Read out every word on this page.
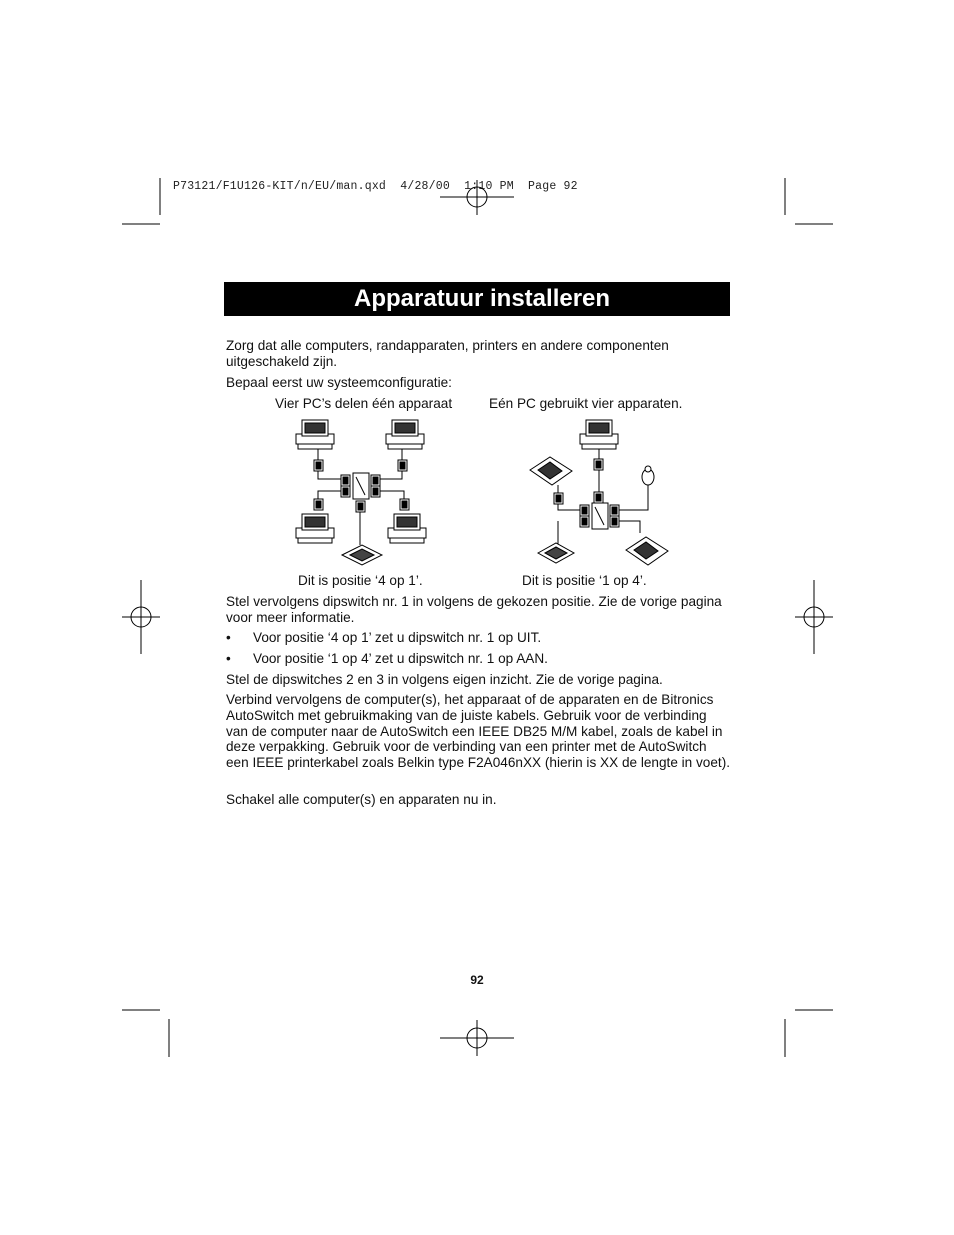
P73121/F1U126-KIT/n/EU/man.qxd  4/28/00  1:10 PM  Page 92
Apparatuur installeren
Zorg dat alle computers, randapparaten, printers en andere componenten uitgeschakeld zijn.
Bepaal eerst uw systeemconfiguratie:
Vier PC’s delen één apparaat	Eén PC gebruikt vier apparaten.
Dit is positie ‘4 op 1’.	Dit is positie ‘1 op 4’.
Stel vervolgens dipswitch nr. 1 in volgens de gekozen positie. Zie de vorige pagina voor meer informatie.
• Voor positie ‘4 op 1’ zet u dipswitch nr. 1 op UIT.
• Voor positie ‘1 op 4’ zet u dipswitch nr. 1 op AAN.
Stel de dipswitches 2 en 3 in volgens eigen inzicht. Zie de vorige pagina.
Verbind vervolgens de computer(s), het apparaat of de apparaten en de Bitronics AutoSwitch met gebruikmaking van de juiste kabels. Gebruik voor de verbinding van de computer naar de AutoSwitch een IEEE DB25 M/M kabel, zoals de kabel in deze verpakking. Gebruik voor de verbinding van een printer met de AutoSwitch een IEEE printerkabel zoals Belkin type F2A046nXX (hierin is XX de lengte in voet).
Schakel alle computer(s) en apparaten nu in.
92
